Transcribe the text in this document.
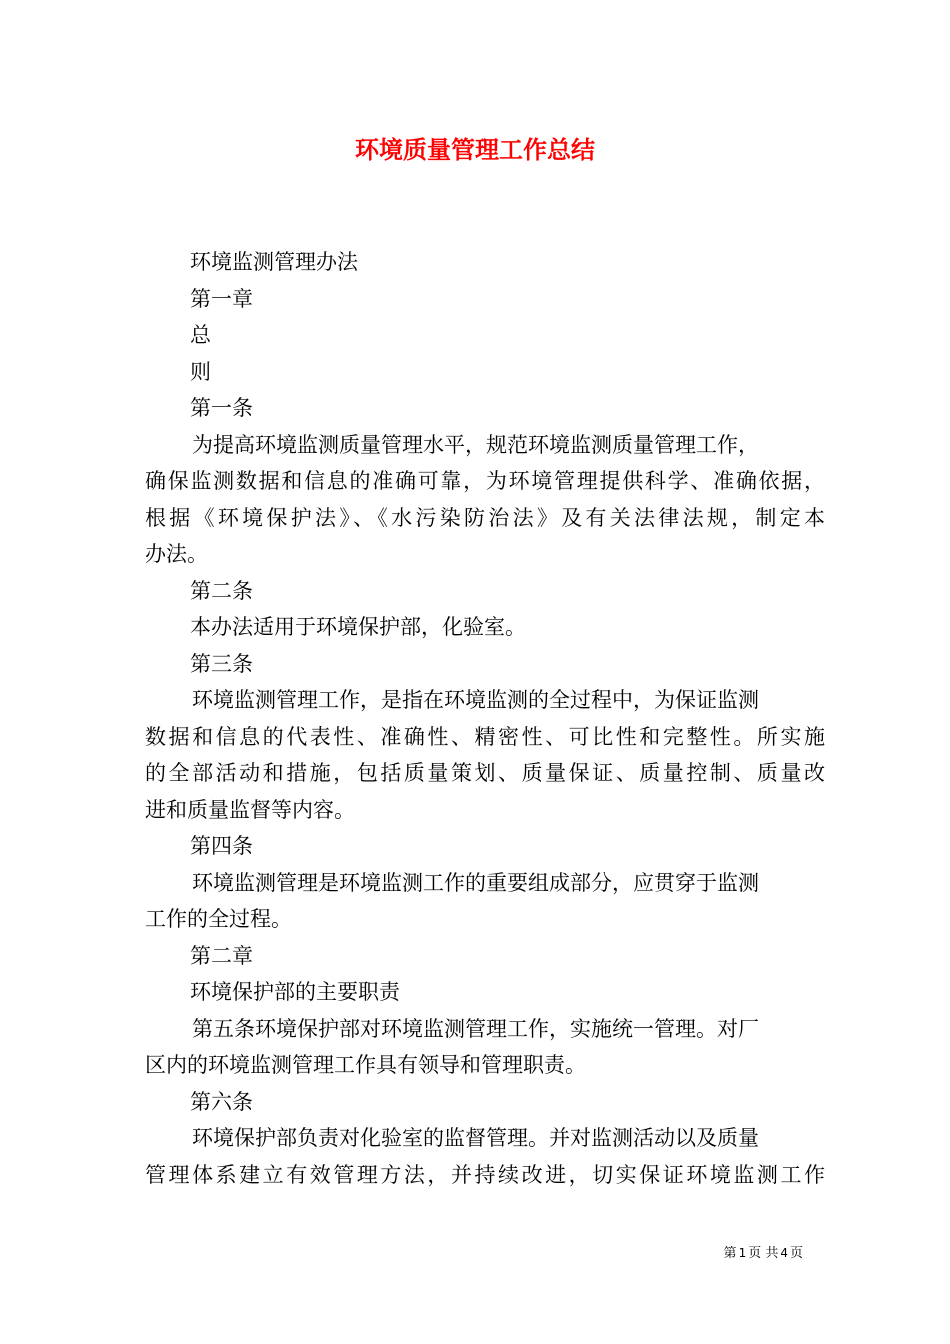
环境质量管理工作总结
环境监测管理办法
第一章
总
则
第一条
为提高环境监测质量管理水平，规范环境监测质量管理工作，
确保监测数据和信息的准确可靠，为环境管理提供科学、准确依据，
根据《环境保护法》、《水污染防治法》及有关法律法规，制定本
办法。
第二条
本办法适用于环境保护部，化验室。
第三条
环境监测管理工作，是指在环境监测的全过程中，为保证监测
数据和信息的代表性、准确性、精密性、可比性和完整性。所实施
的全部活动和措施，包括质量策划、质量保证、质量控制、质量改
进和质量监督等内容。
第四条
环境监测管理是环境监测工作的重要组成部分，应贯穿于监测
工作的全过程。
第二章
环境保护部的主要职责
第五条环境保护部对环境监测管理工作，实施统一管理。对厂
区内的环境监测管理工作具有领导和管理职责。
第六条
环境保护部负责对化验室的监督管理。并对监测活动以及质量
管理体系建立有效管理方法，并持续改进，切实保证环境监测工作
第 1 页 共 4 页
